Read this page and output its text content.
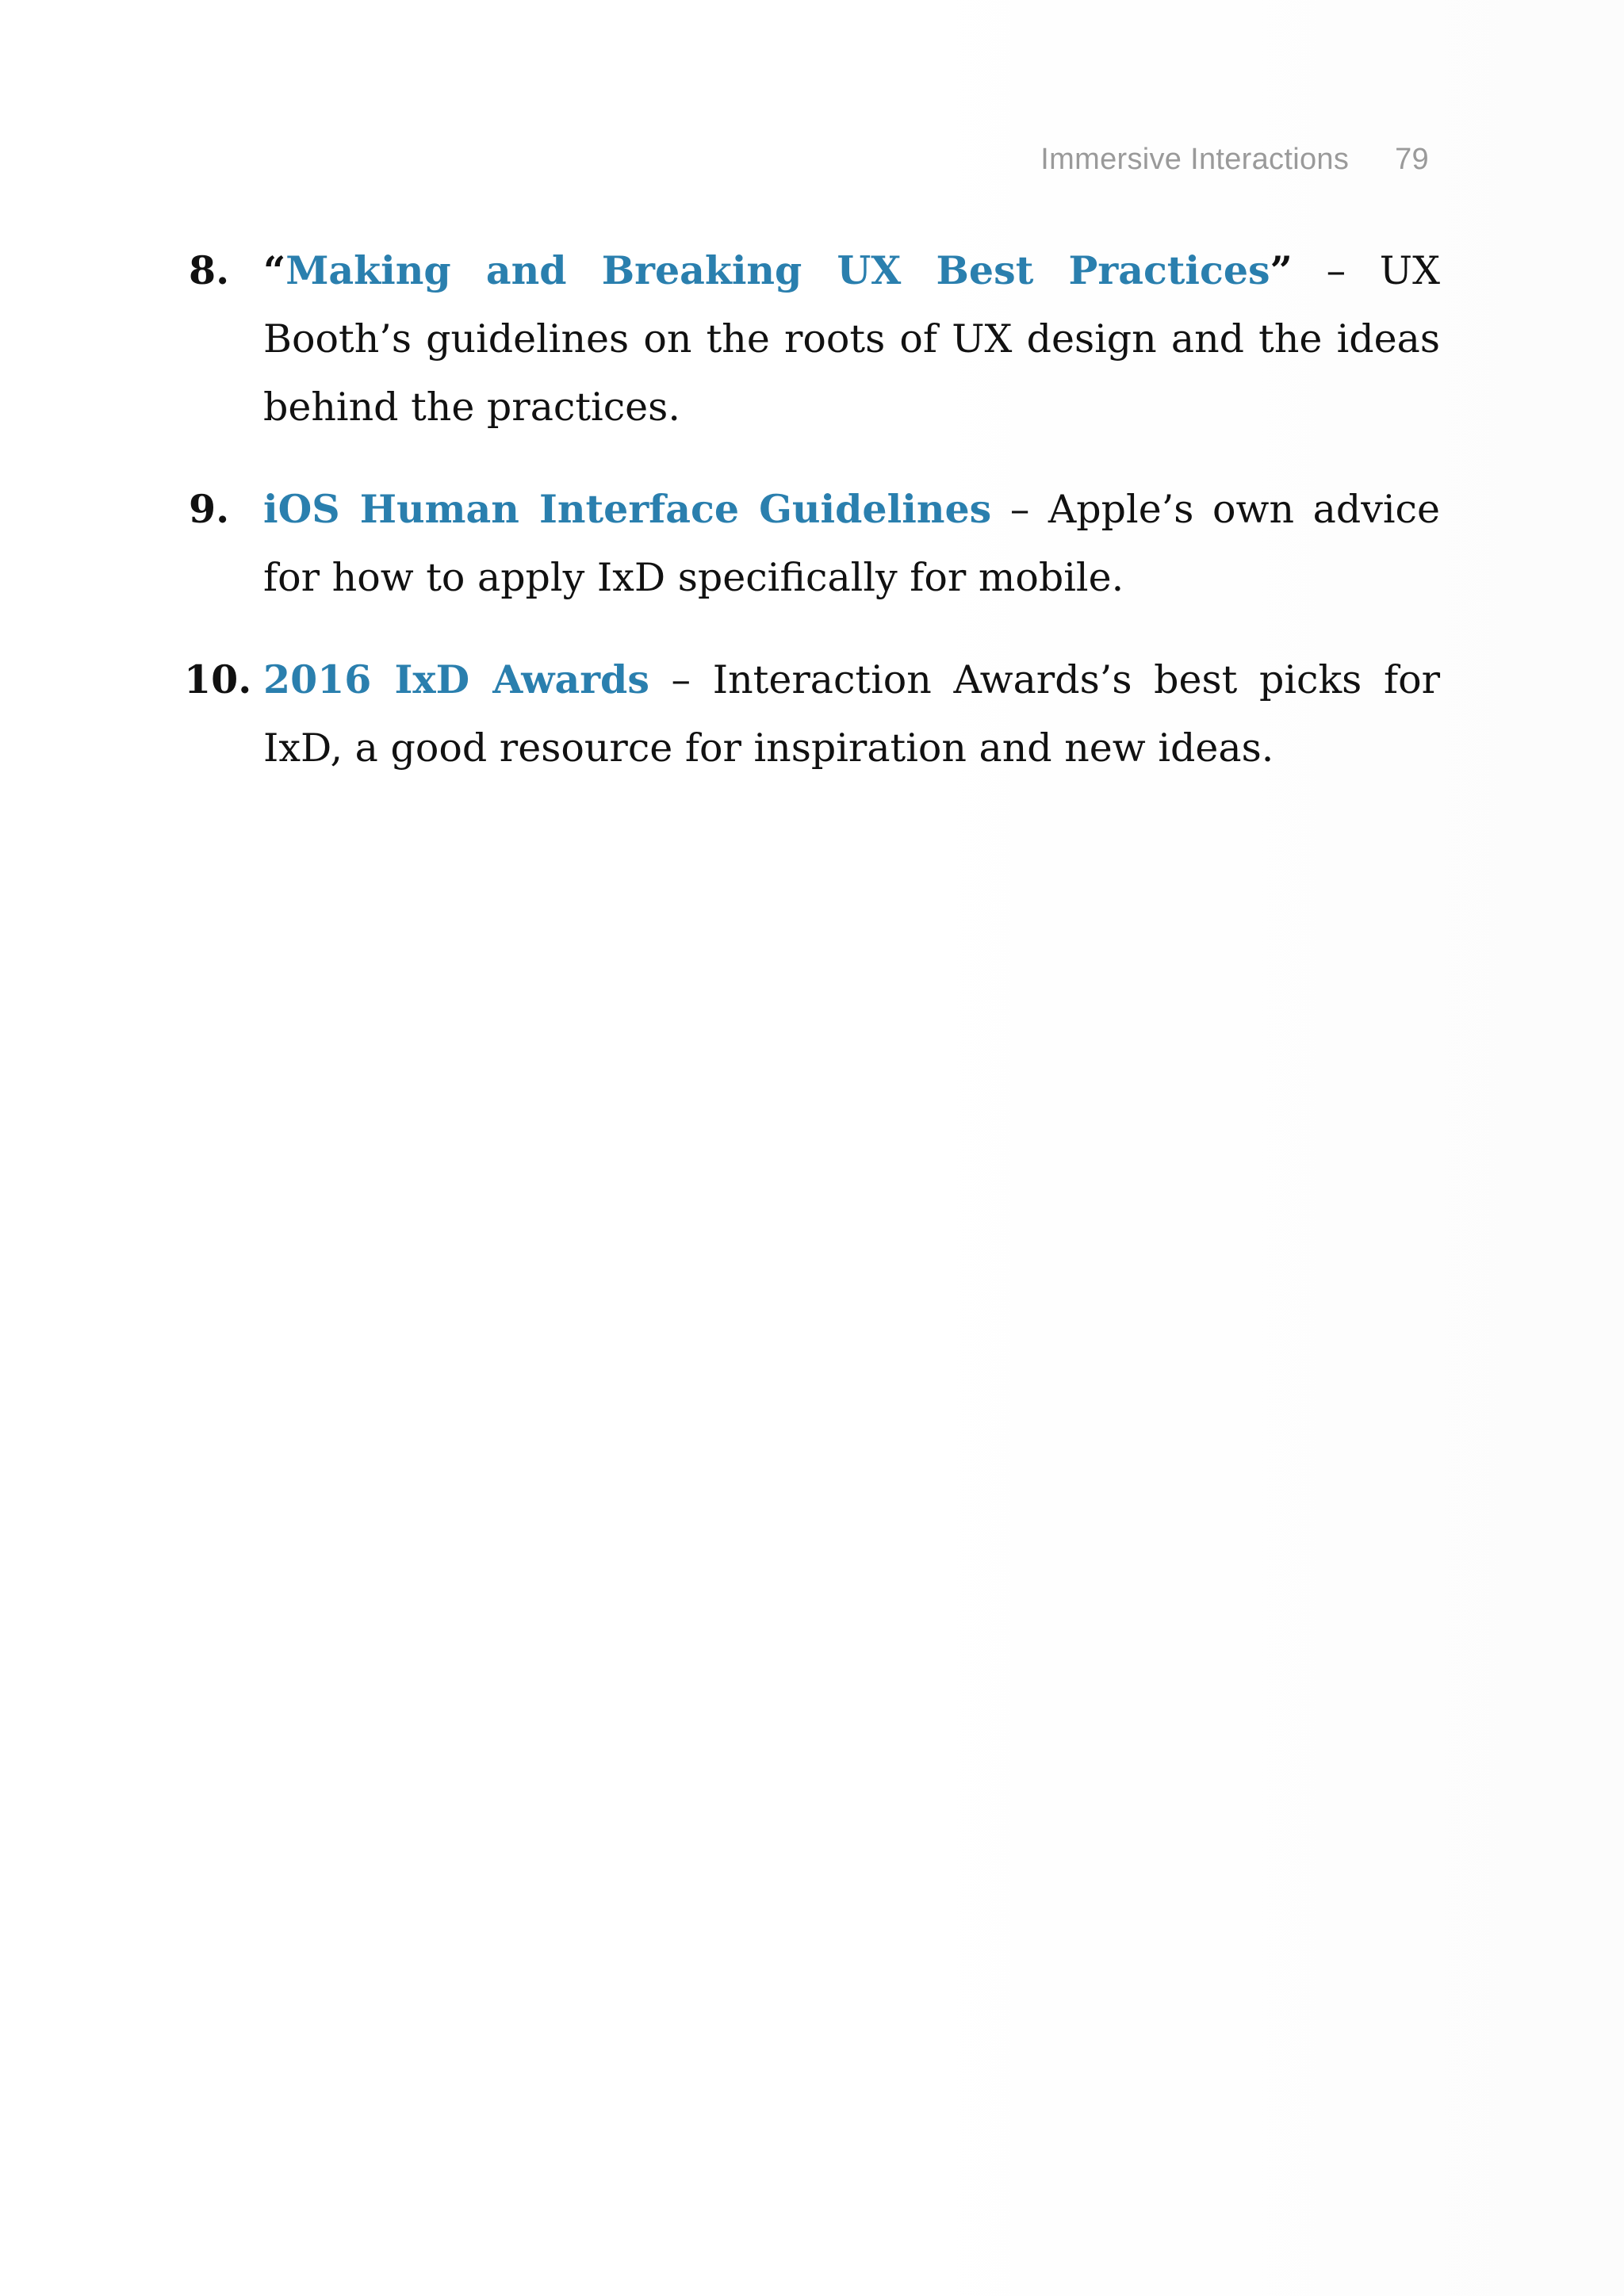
Immersive Interactions 79
8. “Making and Breaking UX Best Practices” – UX Booth’s guidelines on the roots of UX design and the ideas behind the practices.
9. iOS Human Interface Guidelines – Apple’s own advice for how to apply IxD specifically for mobile.
10. 2016 IxD Awards – Interaction Awards’s best picks for IxD, a good resource for inspiration and new ideas.
